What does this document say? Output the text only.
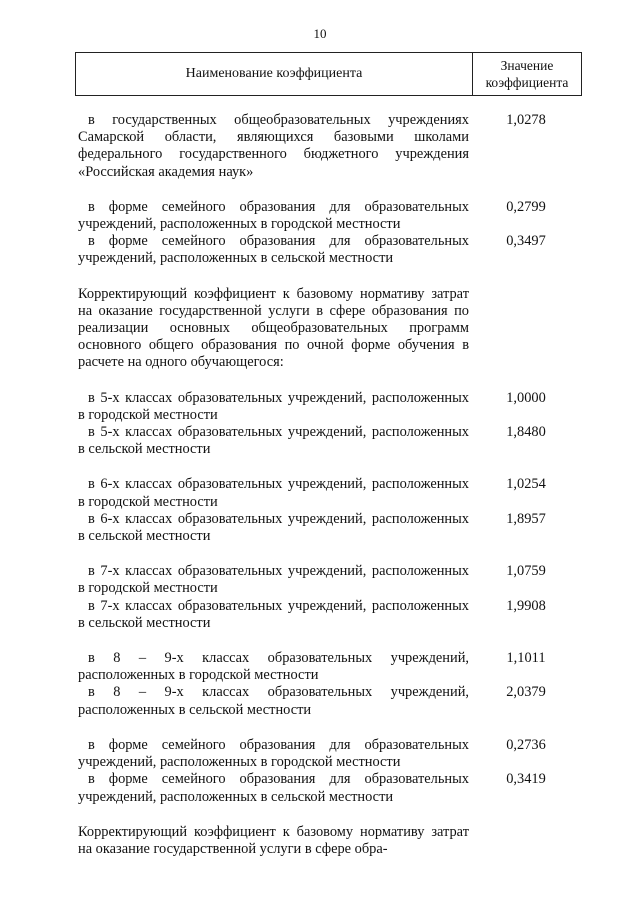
10
Наименование коэффициента
Значение
коэффициента
в государственных общеобразовательных учреждениях Самарской области, являющихся базовыми школами федерального государственного бюджетного учреждения «Российская академия наук»
1,0278
в форме семейного образования для образовательных учреждений, расположенных в городской местности
0,2799
в форме семейного образования для образовательных учреждений, расположенных в сельской местности
0,3497
Корректирующий коэффициент к базовому нормативу затрат на оказание государственной услуги в сфере образования по реализации основных общеобразовательных программ основного общего образования по очной форме обучения в расчете на одного обучающегося:
в 5-х классах образовательных учреждений, расположенных в городской местности
1,0000
в 5-х классах образовательных учреждений, расположенных в сельской местности
1,8480
в 6-х классах образовательных учреждений, расположенных в городской местности
1,0254
в 6-х классах образовательных учреждений, расположенных в сельской местности
1,8957
в 7-х классах образовательных учреждений, расположенных в городской местности
1,0759
в 7-х классах образовательных учреждений, расположенных в сельской местности
1,9908
в 8 – 9-х классах образовательных учреждений, расположенных в городской местности
1,1011
в 8 – 9-х классах образовательных учреждений, расположенных в сельской местности
2,0379
в форме семейного образования для образовательных учреждений, расположенных в городской местности
0,2736
в форме семейного образования для образовательных учреждений, расположенных в сельской местности
0,3419
Корректирующий коэффициент к базовому нормативу затрат на оказание государственной услуги в сфере обра-
